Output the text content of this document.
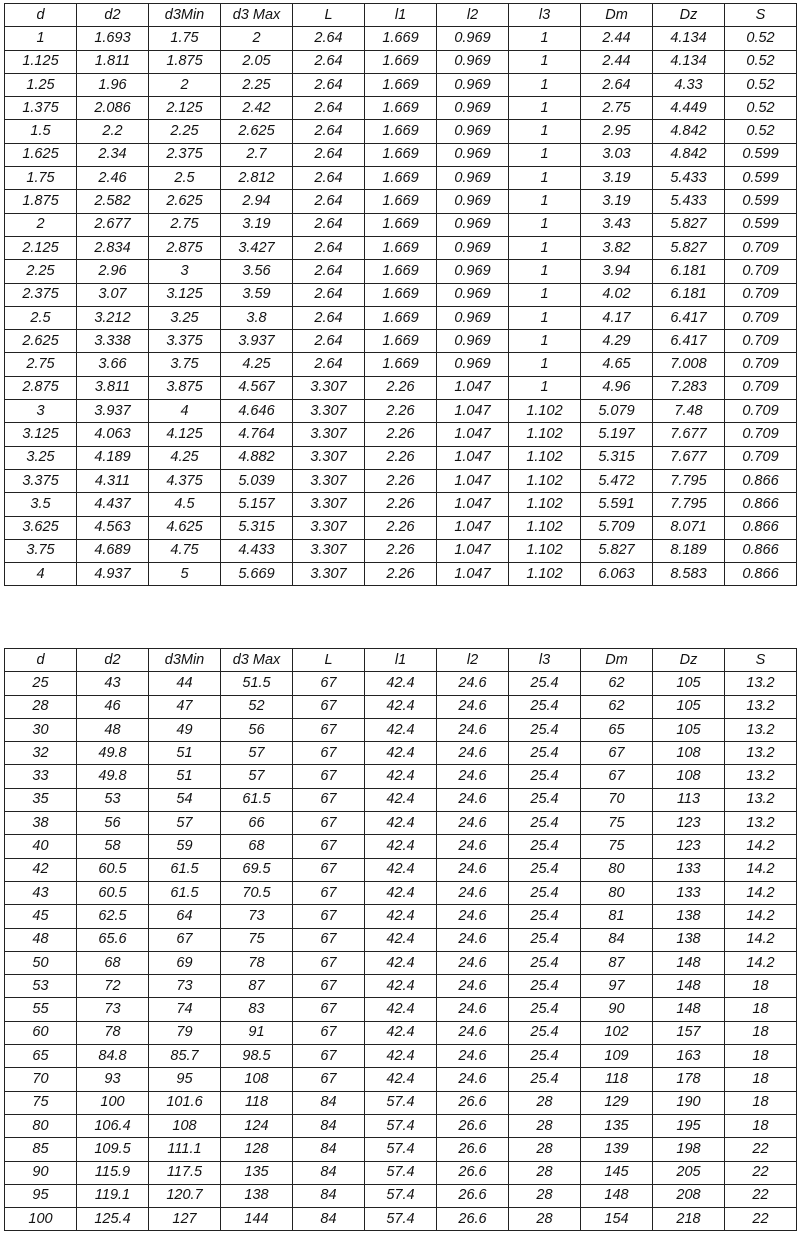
d	d2	d3Min	d3 Max	L	l1	l2	l3	Dm	Dz	S
1	1.693	1.75	2	2.64	1.669	0.969	1	2.44	4.134	0.52
1.125	1.811	1.875	2.05	2.64	1.669	0.969	1	2.44	4.134	0.52
1.25	1.96	2	2.25	2.64	1.669	0.969	1	2.64	4.33	0.52
1.375	2.086	2.125	2.42	2.64	1.669	0.969	1	2.75	4.449	0.52
1.5	2.2	2.25	2.625	2.64	1.669	0.969	1	2.95	4.842	0.52
1.625	2.34	2.375	2.7	2.64	1.669	0.969	1	3.03	4.842	0.599
1.75	2.46	2.5	2.812	2.64	1.669	0.969	1	3.19	5.433	0.599
1.875	2.582	2.625	2.94	2.64	1.669	0.969	1	3.19	5.433	0.599
2	2.677	2.75	3.19	2.64	1.669	0.969	1	3.43	5.827	0.599
2.125	2.834	2.875	3.427	2.64	1.669	0.969	1	3.82	5.827	0.709
2.25	2.96	3	3.56	2.64	1.669	0.969	1	3.94	6.181	0.709
2.375	3.07	3.125	3.59	2.64	1.669	0.969	1	4.02	6.181	0.709
2.5	3.212	3.25	3.8	2.64	1.669	0.969	1	4.17	6.417	0.709
2.625	3.338	3.375	3.937	2.64	1.669	0.969	1	4.29	6.417	0.709
2.75	3.66	3.75	4.25	2.64	1.669	0.969	1	4.65	7.008	0.709
2.875	3.811	3.875	4.567	3.307	2.26	1.047	1	4.96	7.283	0.709
3	3.937	4	4.646	3.307	2.26	1.047	1.102	5.079	7.48	0.709
3.125	4.063	4.125	4.764	3.307	2.26	1.047	1.102	5.197	7.677	0.709
3.25	4.189	4.25	4.882	3.307	2.26	1.047	1.102	5.315	7.677	0.709
3.375	4.311	4.375	5.039	3.307	2.26	1.047	1.102	5.472	7.795	0.866
3.5	4.437	4.5	5.157	3.307	2.26	1.047	1.102	5.591	7.795	0.866
3.625	4.563	4.625	5.315	3.307	2.26	1.047	1.102	5.709	8.071	0.866
3.75	4.689	4.75	4.433	3.307	2.26	1.047	1.102	5.827	8.189	0.866
4	4.937	5	5.669	3.307	2.26	1.047	1.102	6.063	8.583	0.866
d	d2	d3Min	d3 Max	L	l1	l2	l3	Dm	Dz	S
25	43	44	51.5	67	42.4	24.6	25.4	62	105	13.2
28	46	47	52	67	42.4	24.6	25.4	62	105	13.2
30	48	49	56	67	42.4	24.6	25.4	65	105	13.2
32	49.8	51	57	67	42.4	24.6	25.4	67	108	13.2
33	49.8	51	57	67	42.4	24.6	25.4	67	108	13.2
35	53	54	61.5	67	42.4	24.6	25.4	70	113	13.2
38	56	57	66	67	42.4	24.6	25.4	75	123	13.2
40	58	59	68	67	42.4	24.6	25.4	75	123	14.2
42	60.5	61.5	69.5	67	42.4	24.6	25.4	80	133	14.2
43	60.5	61.5	70.5	67	42.4	24.6	25.4	80	133	14.2
45	62.5	64	73	67	42.4	24.6	25.4	81	138	14.2
48	65.6	67	75	67	42.4	24.6	25.4	84	138	14.2
50	68	69	78	67	42.4	24.6	25.4	87	148	14.2
53	72	73	87	67	42.4	24.6	25.4	97	148	18
55	73	74	83	67	42.4	24.6	25.4	90	148	18
60	78	79	91	67	42.4	24.6	25.4	102	157	18
65	84.8	85.7	98.5	67	42.4	24.6	25.4	109	163	18
70	93	95	108	67	42.4	24.6	25.4	118	178	18
75	100	101.6	118	84	57.4	26.6	28	129	190	18
80	106.4	108	124	84	57.4	26.6	28	135	195	18
85	109.5	111.1	128	84	57.4	26.6	28	139	198	22
90	115.9	117.5	135	84	57.4	26.6	28	145	205	22
95	119.1	120.7	138	84	57.4	26.6	28	148	208	22
100	125.4	127	144	84	57.4	26.6	28	154	218	22
